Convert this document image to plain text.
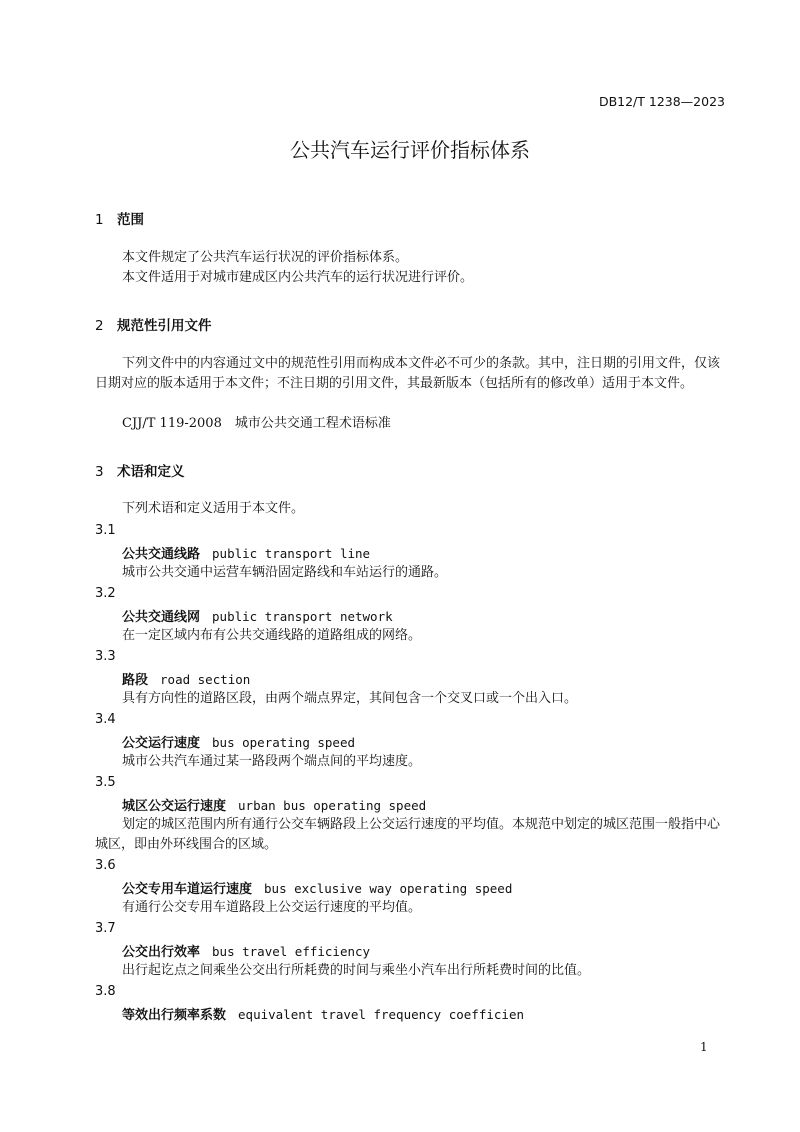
DB12/T 1238—2023
公共汽车运行评价指标体系
1 范围
本文件规定了公共汽车运行状况的评价指标体系。
本文件适用于对城市建成区内公共汽车的运行状况进行评价。
2 规范性引用文件
下列文件中的内容通过文中的规范性引用而构成本文件必不可少的条款。其中，注日期的引用文件，仅该日期对应的版本适用于本文件；不注日期的引用文件，其最新版本（包括所有的修改单）适用于本文件。
CJJ/T 119-2008　城市公共交通工程术语标准
3 术语和定义
下列术语和定义适用于本文件。
3.1
公共交通线路 public transport line
城市公共交通中运营车辆沿固定路线和车站运行的通路。
3.2
公共交通线网 public transport network
在一定区域内布有公共交通线路的道路组成的网络。
3.3
路段 road section
具有方向性的道路区段，由两个端点界定，其间包含一个交叉口或一个出入口。
3.4
公交运行速度 bus operating speed
城市公共汽车通过某一路段两个端点间的平均速度。
3.5
城区公交运行速度 urban bus operating speed
划定的城区范围内所有通行公交车辆路段上公交运行速度的平均值。本规范中划定的城区范围一般指中心城区，即由外环线围合的区域。
3.6
公交专用车道运行速度 bus exclusive way operating speed
有通行公交专用车道路段上公交运行速度的平均值。
3.7
公交出行效率 bus travel efficiency
出行起讫点之间乘坐公交出行所耗费的时间与乘坐小汽车出行所耗费时间的比值。
3.8
等效出行频率系数 equivalent travel frequency coefficien
1
